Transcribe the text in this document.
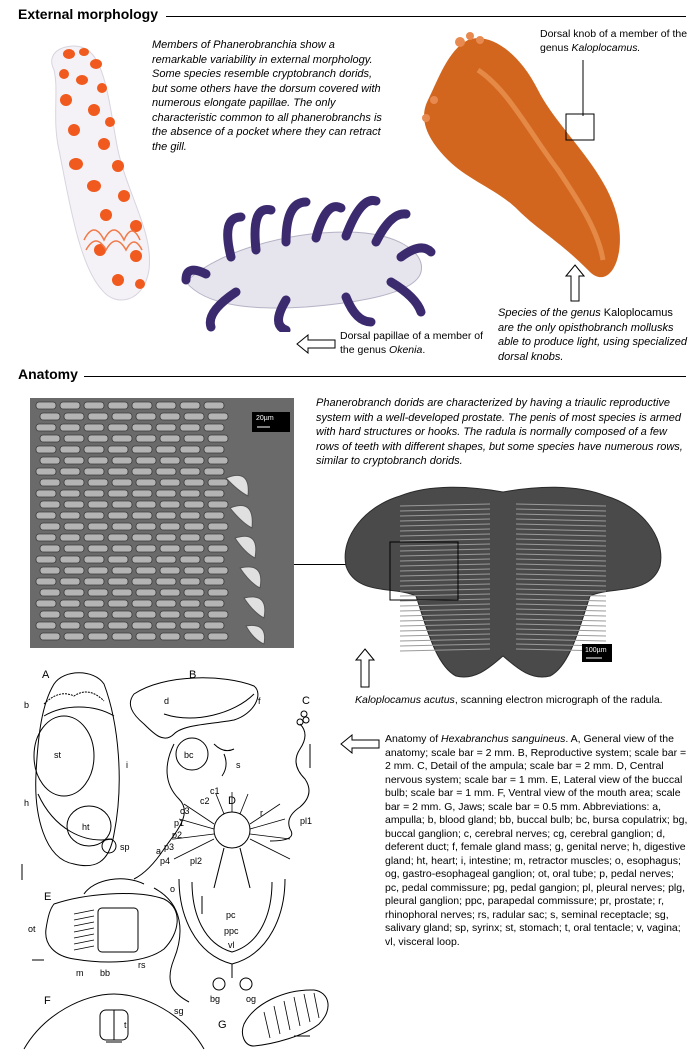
External morphology
Members of Phanerobranchia show a remarkable variability in external morphology. Some species resemble cryptobranch dorids, but some others have the dorsum covered with numerous elongate papillae. The only characteristic common to all phanerobranchs is the absence of a pocket where they can retract the gill.
Dorsal knob of a member of the genus Kaloplocamus.
Dorsal papillae of a member of the genus Okenia.
Species of the genus Kaloplocamus are the only opisthobranch mollusks able to produce light, using specialized dorsal knobs.
Anatomy
20µm
Phanerobranch dorids are characterized by having a triaulic reproductive system with a well-developed prostate. The penis of most species is armed with hard structures or hooks. The radula is normally composed of a few rows of teeth with different shapes, but some species have numerous rows, similar to cryptobranch dorids.
100µm
Kaloplocamus acutus, scanning electron micrograph of the radula.
Anatomy of Hexabranchus sanguineus. A, General view of the anatomy; scale bar = 2 mm. B, Reproductive system; scale bar = 2 mm. C, Detail of the ampula; scale bar = 2 mm. D, Central nervous system; scale bar = 1 mm. E, Lateral view of the buccal bulb; scale bar = 1 mm. F, Ventral view of the mouth area; scale bar = 2 mm. G, Jaws; scale bar = 0.5 mm. Abbreviations: a, ampulla; b, blood gland; bb, buccal bulb; bc, bursa copulatrix; bg, buccal ganglion; c, cerebral nerves; cg, cerebral ganglion; d, deferent duct; f, female gland mass; g, genital nerve; h, digestive gland; ht, heart; i, intestine; m, retractor muscles; o, esophagus; og, gastro-esophageal ganglion; ot, oral tube; p, pedal nerves; pc, pedal commissure; pg, pedal gangion; pl, pleural nerves; plg, pleural ganglion; ppc, parapedal commissure; pr, prostate; r, rhinophoral nerves; rs, radular sac; s, seminal receptacle; sg, salivary gland; sp, syrinx; st, stomach; t, oral tentacle; v, vagina; vl, visceral loop.
A	B
C
D
E
F
G
b
st
i
h
ht
sp
d	f
bc
s
a
c1
c2
c3
p1
p2
p3
p4
pl1
pl2
pc
ppc
vl
bg	og
r
o
ot
m bb
rs
sg
t
